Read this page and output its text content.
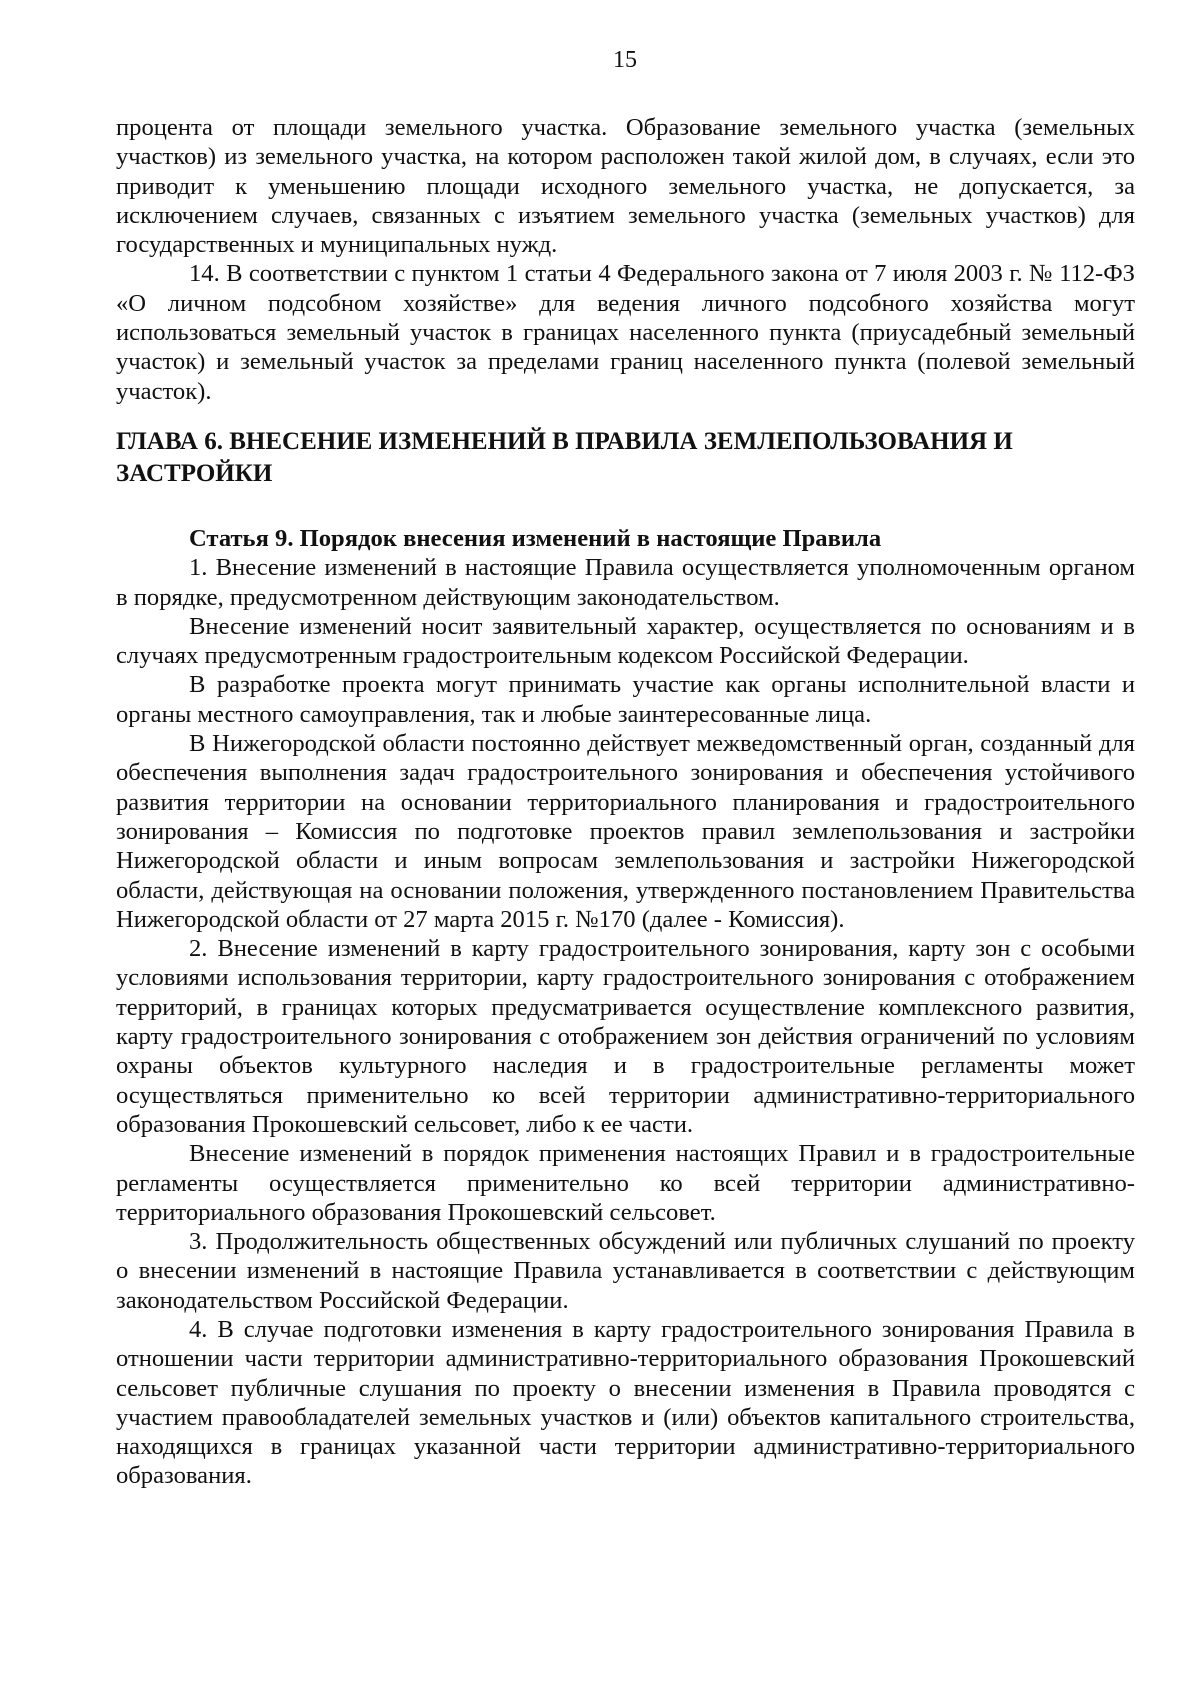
15

процента от площади земельного участка. Образование земельного участка (земельных участков) из земельного участка, на котором расположен такой жилой дом, в случаях, если это приводит к уменьшению площади исходного земельного участка, не допускается, за исключением случаев, связанных с изъятием земельного участка (земельных участков) для государственных и муниципальных нужд.

14. В соответствии с пунктом 1 статьи 4 Федерального закона от 7 июля 2003 г. № 112-ФЗ «О личном подсобном хозяйстве» для ведения личного подсобного хозяйства могут использоваться земельный участок в границах населенного пункта (приусадебный земельный участок) и земельный участок за пределами границ населенного пункта (полевой земельный участок).

ГЛАВА 6. ВНЕСЕНИЕ ИЗМЕНЕНИЙ В ПРАВИЛА ЗЕМЛЕПОЛЬЗОВАНИЯ И ЗАСТРОЙКИ

Статья 9. Порядок внесения изменений в настоящие Правила

1. Внесение изменений в настоящие Правила осуществляется уполномоченным органом в порядке, предусмотренном действующим законодательством.

Внесение изменений носит заявительный характер, осуществляется по основаниям и в случаях предусмотренным градостроительным кодексом Российской Федерации.

В разработке проекта могут принимать участие как органы исполнительной власти и органы местного самоуправления, так и любые заинтересованные лица.

В Нижегородской области постоянно действует межведомственный орган, созданный для обеспечения выполнения задач градостроительного зонирования и обеспечения устойчивого развития территории на основании территориального планирования и градостроительного зонирования – Комиссия по подготовке проектов правил землепользования и застройки Нижегородской области и иным вопросам землепользования и застройки Нижегородской области, действующая на основании положения, утвержденного постановлением Правительства Нижегородской области от 27 марта 2015 г. №170 (далее - Комиссия).

2. Внесение изменений в карту градостроительного зонирования, карту зон с особыми условиями использования территории, карту градостроительного зонирования с отображением территорий, в границах которых предусматривается осуществление комплексного развития, карту градостроительного зонирования с отображением зон действия ограничений по условиям охраны объектов культурного наследия и в градостроительные регламенты может осуществляться применительно ко всей территории административно-территориального образования Прокошевский сельсовет, либо к ее части.

Внесение изменений в порядок применения настоящих Правил и в градостроительные регламенты осуществляется применительно ко всей территории административно-территориального образования Прокошевский сельсовет.

3. Продолжительность общественных обсуждений или публичных слушаний по проекту о внесении изменений в настоящие Правила устанавливается в соответствии с действующим законодательством Российской Федерации.

4. В случае подготовки изменения в карту градостроительного зонирования Правила в отношении части территории административно-территориального образования Прокошевский сельсовет публичные слушания по проекту о внесении изменения в Правила проводятся с участием правообладателей земельных участков и (или) объектов капитального строительства, находящихся в границах указанной части территории административно-территориального образования.
